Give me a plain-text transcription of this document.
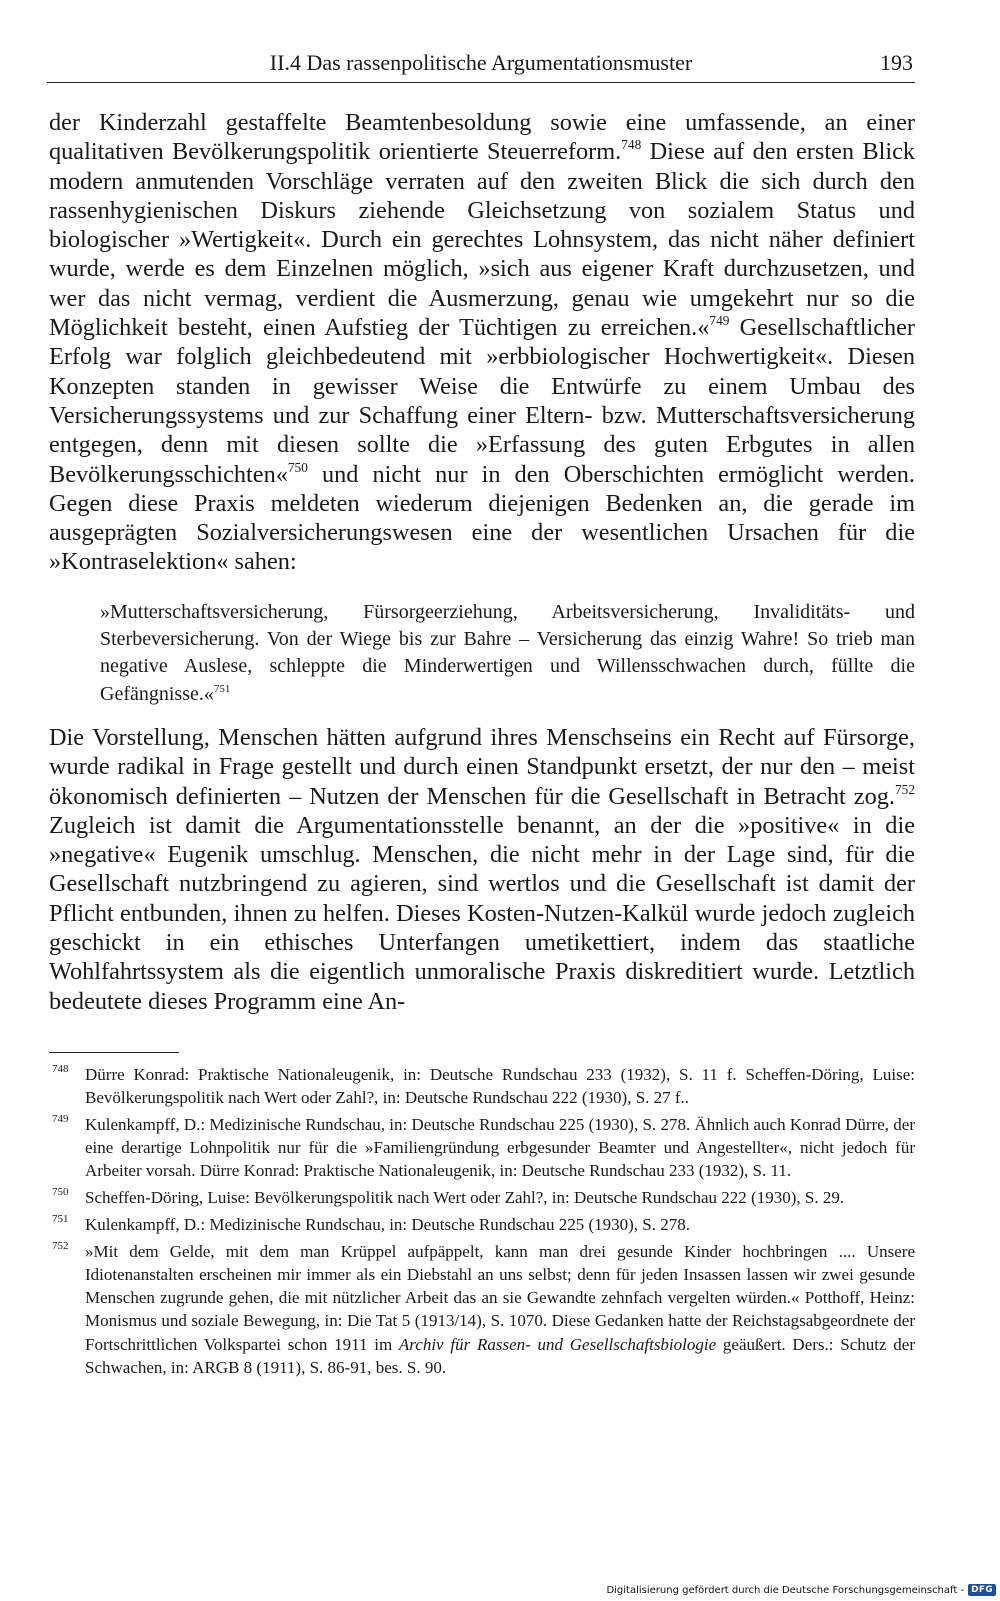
II.4 Das rassenpolitische Argumentationsmuster	193

der Kinderzahl gestaffelte Beamtenbesoldung sowie eine umfassende, an einer qualitativen Bevölkerungspolitik orientierte Steuerreform.$^{748}$ Diese auf den ersten Blick modern anmutenden Vorschläge verraten auf den zweiten Blick die sich durch den rassenhygienischen Diskurs ziehende Gleichsetzung von sozialem Status und biologischer »Wertigkeit«. Durch ein gerechtes Lohnsystem, das nicht näher definiert wurde, werde es dem Einzelnen möglich, »sich aus eigener Kraft durchzusetzen, und wer das nicht vermag, verdient die Ausmerzung, genau wie umgekehrt nur so die Möglichkeit besteht, einen Aufstieg der Tüchtigen zu erreichen.«$^{749}$ Gesellschaftlicher Erfolg war folglich gleichbedeutend mit »erbbiologischer Hochwertigkeit«. Diesen Konzepten standen in gewisser Weise die Entwürfe zu einem Umbau des Versicherungssystems und zur Schaffung einer Eltern- bzw. Mutterschaftsversicherung entgegen, denn mit diesen sollte die »Erfassung des guten Erbgutes in allen Bevölkerungsschichten«$^{750}$ und nicht nur in den Oberschichten ermöglicht werden. Gegen diese Praxis meldeten wiederum diejenigen Bedenken an, die gerade im ausgeprägten Sozialversicherungswesen eine der wesentlichen Ursachen für die »Kontraselektion« sahen:

»Mutterschaftsversicherung, Fürsorgeerziehung, Arbeitsversicherung, Invaliditäts- und Sterbeversicherung. Von der Wiege bis zur Bahre – Versicherung das einzig Wahre! So trieb man negative Auslese, schleppte die Minderwertigen und Willensschwachen durch, füllte die Gefängnisse.«$^{751}$

Die Vorstellung, Menschen hätten aufgrund ihres Menschseins ein Recht auf Fürsorge, wurde radikal in Frage gestellt und durch einen Standpunkt ersetzt, der nur den – meist ökonomisch definierten – Nutzen der Menschen für die Gesellschaft in Betracht zog.$^{752}$ Zugleich ist damit die Argumentationsstelle benannt, an der die »positive« in die »negative« Eugenik umschlug. Menschen, die nicht mehr in der Lage sind, für die Gesellschaft nutzbringend zu agieren, sind wertlos und die Gesellschaft ist damit der Pflicht entbunden, ihnen zu helfen. Dieses Kosten-Nutzen-Kalkül wurde jedoch zugleich geschickt in ein ethisches Unterfangen umetikettiert, indem das staatliche Wohlfahrtssystem als die eigentlich unmoralische Praxis diskreditiert wurde. Letztlich bedeutete dieses Programm eine An-

748 Dürre Konrad: Praktische Nationaleugenik, in: Deutsche Rundschau 233 (1932), S. 11 f. Scheffen-Döring, Luise: Bevölkerungspolitik nach Wert oder Zahl?, in: Deutsche Rundschau 222 (1930), S. 27 f..
749 Kulenkampff, D.: Medizinische Rundschau, in: Deutsche Rundschau 225 (1930), S. 278. Ähnlich auch Konrad Dürre, der eine derartige Lohnpolitik nur für die »Familiengründung erbgesunder Beamter und Angestellter«, nicht jedoch für Arbeiter vorsah. Dürre Konrad: Praktische Nationaleugenik, in: Deutsche Rundschau 233 (1932), S. 11.
750 Scheffen-Döring, Luise: Bevölkerungspolitik nach Wert oder Zahl?, in: Deutsche Rundschau 222 (1930), S. 29.
751 Kulenkampff, D.: Medizinische Rundschau, in: Deutsche Rundschau 225 (1930), S. 278.
752 »Mit dem Gelde, mit dem man Krüppel aufpäppelt, kann man drei gesunde Kinder hochbringen .... Unsere Idiotenanstalten erscheinen mir immer als ein Diebstahl an uns selbst; denn für jeden Insassen lassen wir zwei gesunde Menschen zugrunde gehen, die mit nützlicher Arbeit das an sie Gewandte zehnfach vergelten würden.« Potthoff, Heinz: Monismus und soziale Bewegung, in: Die Tat 5 (1913/14), S. 1070. Diese Gedanken hatte der Reichstagsabgeordnete der Fortschrittlichen Volkspartei schon 1911 im Archiv für Rassen- und Gesellschaftsbiologie geäußert. Ders.: Schutz der Schwachen, in: ARGB 8 (1911), S. 86-91, bes. S. 90.
Digitalisierung gefördert durch die Deutsche Forschungsgemeinschaft - DFG
